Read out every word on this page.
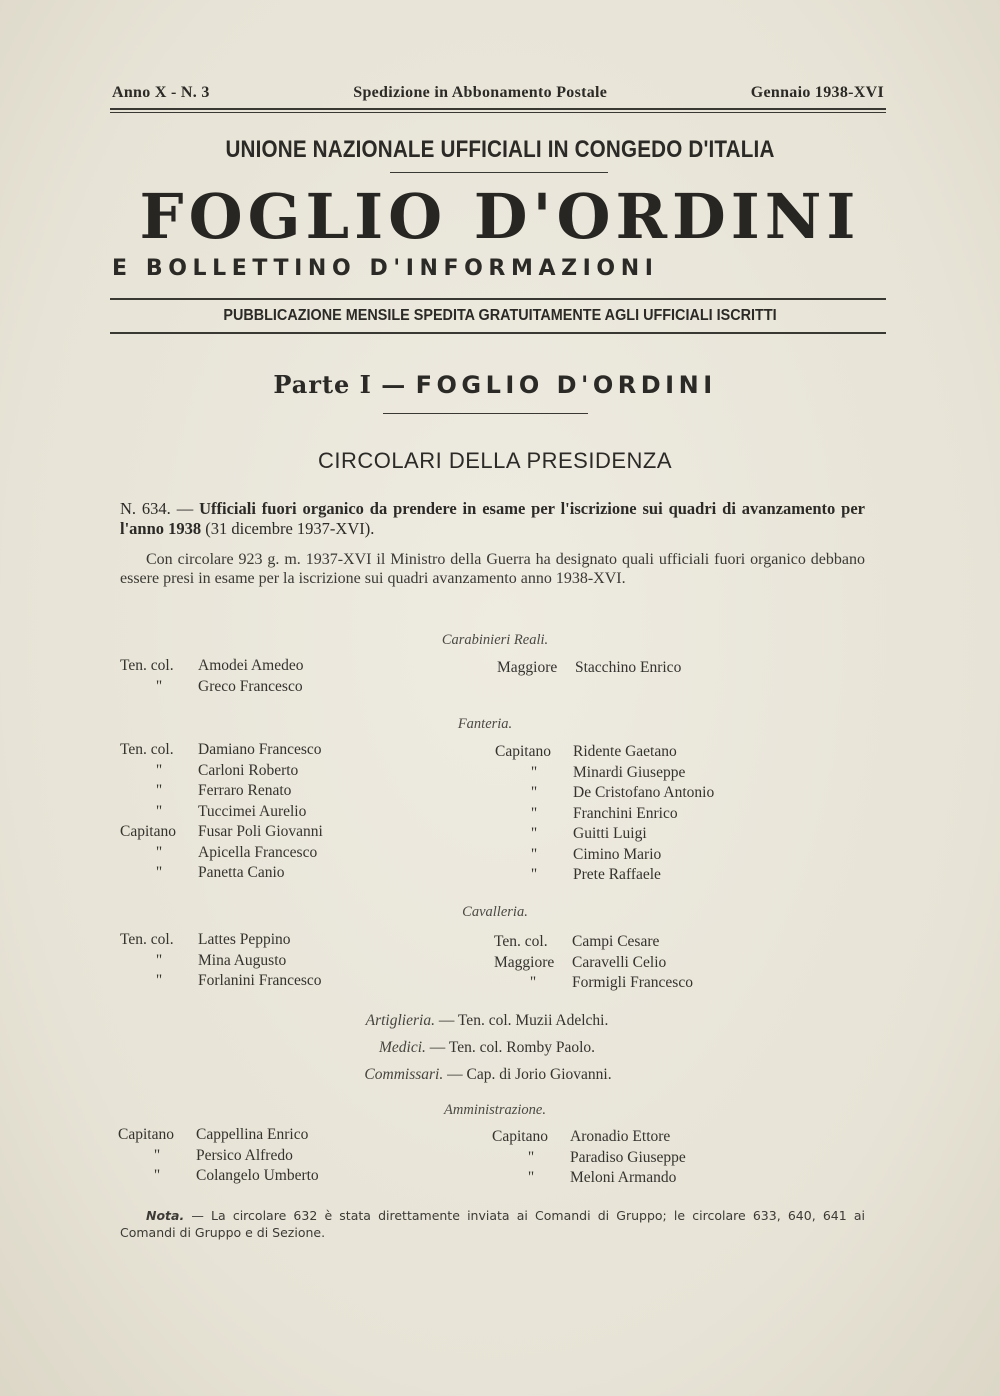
Anno X - N. 3	Spedizione in Abbonamento Postale	Gennaio 1938-XVI
UNIONE NAZIONALE UFFICIALI IN CONGEDO D'ITALIA
FOGLIO D'ORDINI
E BOLLETTINO D'INFORMAZIONI
PUBBLICAZIONE MENSILE SPEDITA GRATUITAMENTE AGLI UFFICIALI ISCRITTI
Parte I — FOGLIO D'ORDINI
CIRCOLARI DELLA PRESIDENZA
N. 634. — Ufficiali fuori organico da prendere in esame per l'iscrizione sui quadri di avanzamento per l'anno 1938 (31 dicembre 1937-XVI).
Con circolare 923 g. m. 1937-XVI il Ministro della Guerra ha designato quali ufficiali fuori organico debbano essere presi in esame per la iscrizione sui quadri avanzamento anno 1938-XVI.
Carabinieri Reali.
Ten. col.	Amodei Amedeo
"	Greco Francesco
Maggiore	Stacchino Enrico
Fanteria.
Ten. col.	Damiano Francesco
"	Carloni Roberto
"	Ferraro Renato
"	Tuccimei Aurelio
Capitano	Fusar Poli Giovanni
"	Apicella Francesco
"	Panetta Canio
Capitano	Ridente Gaetano
"	Minardi Giuseppe
"	De Cristofano Antonio
"	Franchini Enrico
"	Guitti Luigi
"	Cimino Mario
"	Prete Raffaele
Cavalleria.
Ten. col.	Lattes Peppino
"	Mina Augusto
"	Forlanini Francesco
Ten. col.	Campi Cesare
Maggiore	Caravelli Celio
"	Formigli Francesco
Artiglieria. — Ten. col. Muzii Adelchi.
Medici. — Ten. col. Romby Paolo.
Commissari. — Cap. di Jorio Giovanni.
Amministrazione.
Capitano	Cappellina Enrico
"	Persico Alfredo
"	Colangelo Umberto
Capitano	Aronadio Ettore
"	Paradiso Giuseppe
"	Meloni Armando
Nota. — La circolare 632 è stata direttamente inviata ai Comandi di Gruppo; le circolare 633, 640, 641 ai Comandi di Gruppo e di Sezione.
